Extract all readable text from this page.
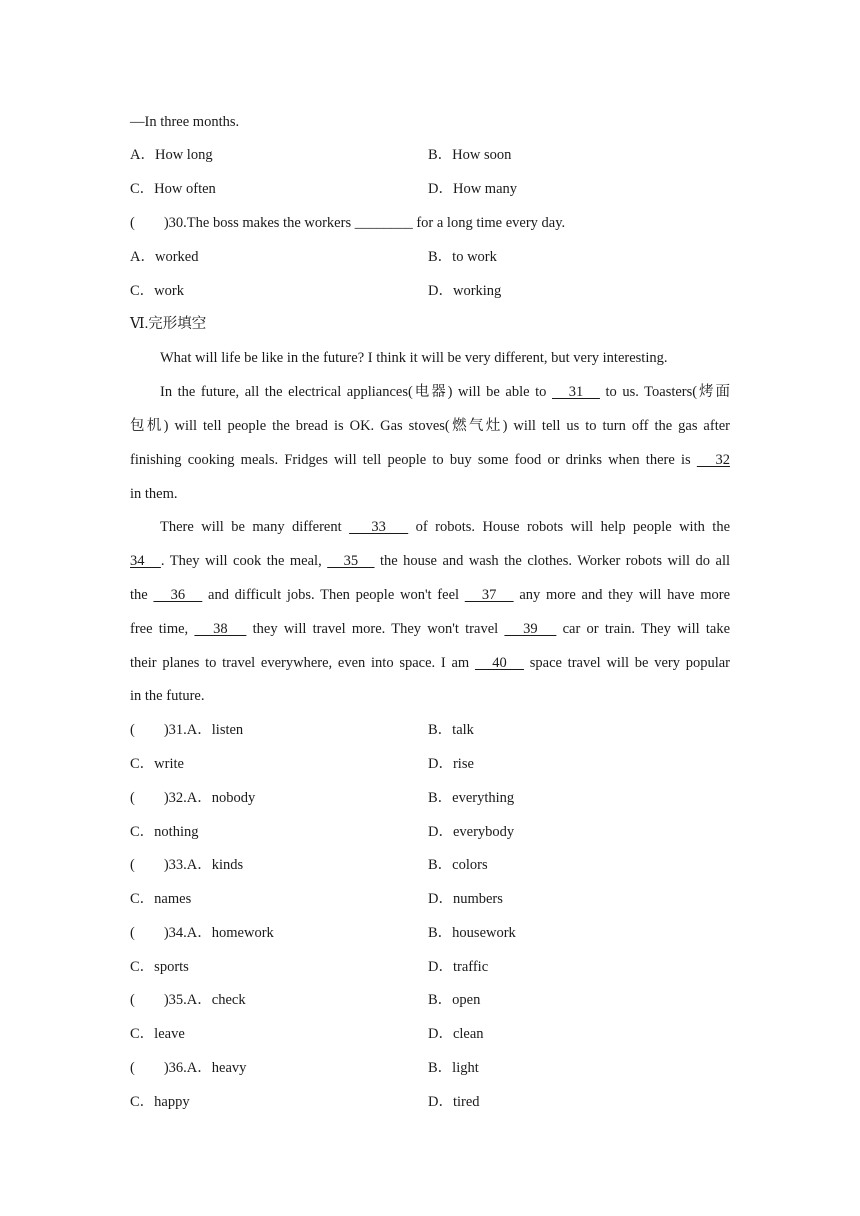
—In three months.
A．How long	B．How soon
C．How often	D．How many
(　　)30.The boss makes the workers ________ for a long time every day.
A．worked	B．to work
C．work	D．working
Ⅵ.完形填空
What will life be like in the future? I think it will be very different, but very interesting.
In the future, all the electrical appliances(电器) will be able to    31    to us. Toasters(烤面
包机) will tell people the bread is OK. Gas stoves(燃气灶) will tell us to turn off the gas after
finishing cooking meals. Fridges will tell people to buy some food or drinks when there is    32
in them.
There will be many different    33    of robots. House robots will help people with the
34   . They will cook the meal,    35    the house and wash the clothes. Worker robots will do all
the    36    and difficult jobs. Then people won't feel    37    any more and they will have more
free time,    38    they will travel more. They won't travel    39    car or train. They will take
their planes to travel everywhere, even into space. I am    40    space travel will be very popular
in the future.
(　　)31.A．listen	B．talk
C．write	D．rise
(　　)32.A．nobody	B．everything
C．nothing	D．everybody
(　　)33.A．kinds	B．colors
C．names	D．numbers
(　　)34.A．homework	B．housework
C．sports	D．traffic
(　　)35.A．check	B．open
C．leave	D．clean
(　　)36.A．heavy	B．light
C．happy	D．tired
